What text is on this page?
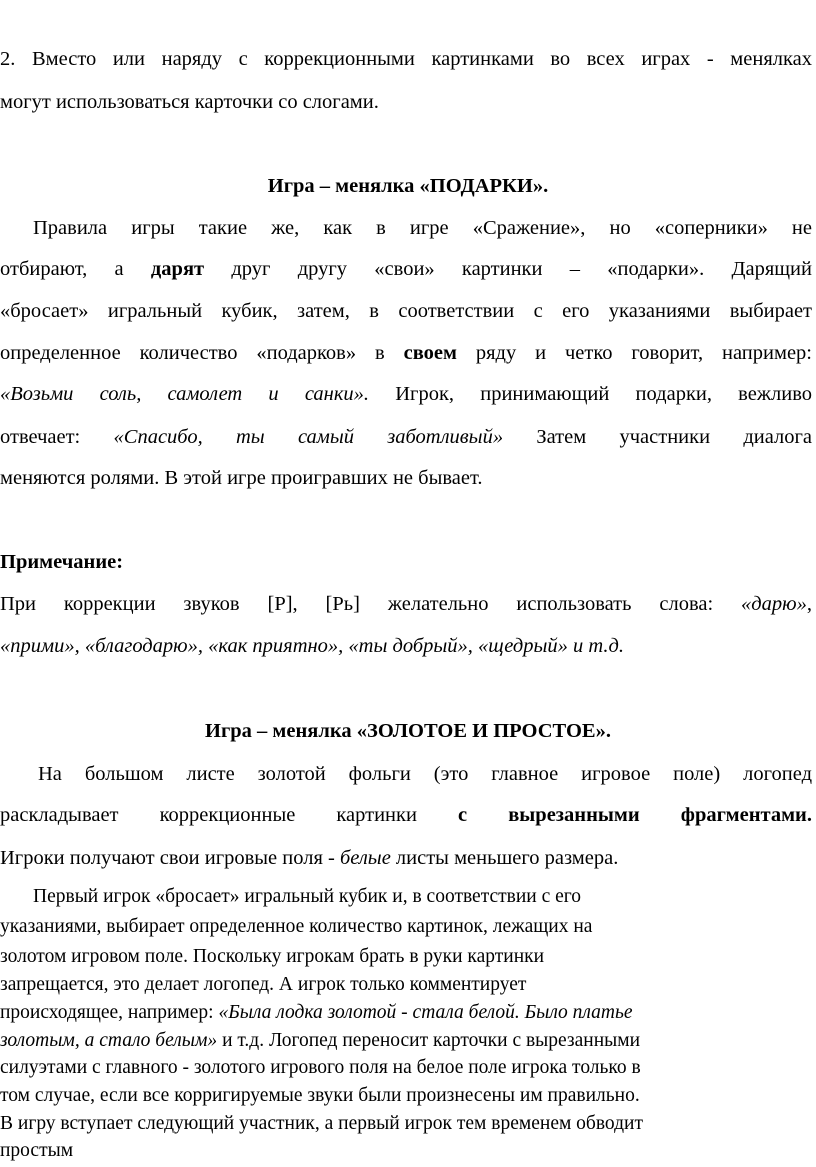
2. Вместо или наряду с коррекционными картинками во всех играх - менялках
могут использоваться карточки со слогами.
Игра – менялка «ПОДАРКИ».
Правила игры такие же, как в игре «Сражение», но «соперники» не
отбирают, а дарят друг другу «свои» картинки – «подарки». Дарящий
«бросает» игральный кубик, затем, в соответствии с его указаниями выбирает
определенное количество «подарков» в своем ряду и четко говорит, например:
«Возьми соль, самолет и санки». Игрок, принимающий подарки, вежливо
отвечает: «Спасибо, ты самый заботливый» Затем участники диалога
меняются ролями. В этой игре проигравших не бывает.
Примечание:
При коррекции звуков [Р], [Рь] желательно использовать слова: «дарю»,
«прими», «благодарю», «как приятно», «ты добрый», «щедрый» и т.д.
Игра – менялка «ЗОЛОТОЕ И ПРОСТОЕ».
На большом листе золотой фольги (это главное игровое поле) логопед
раскладывает коррекционные картинки с вырезанными фрагментами.
Игроки получают свои игровые поля - белые листы меньшего размера.
Первый игрок «бросает» игральный кубик и, в соответствии с его
указаниями, выбирает определенное количество картинок, лежащих на
золотом игровом поле. Поскольку игрокам брать в руки картинки
запрещается, это делает логопед. А игрок только комментирует
происходящее, например: «Была лодка золотой - стала белой. Было платье
золотым, а стало белым» и т.д. Логопед переносит карточки с вырезанными
силуэтами с главного - золотого игрового поля на белое поле игрока только в
том случае, если все корригируемые звуки были произнесены им правильно.
В игру вступает следующий участник, а первый игрок тем временем обводит
простым
